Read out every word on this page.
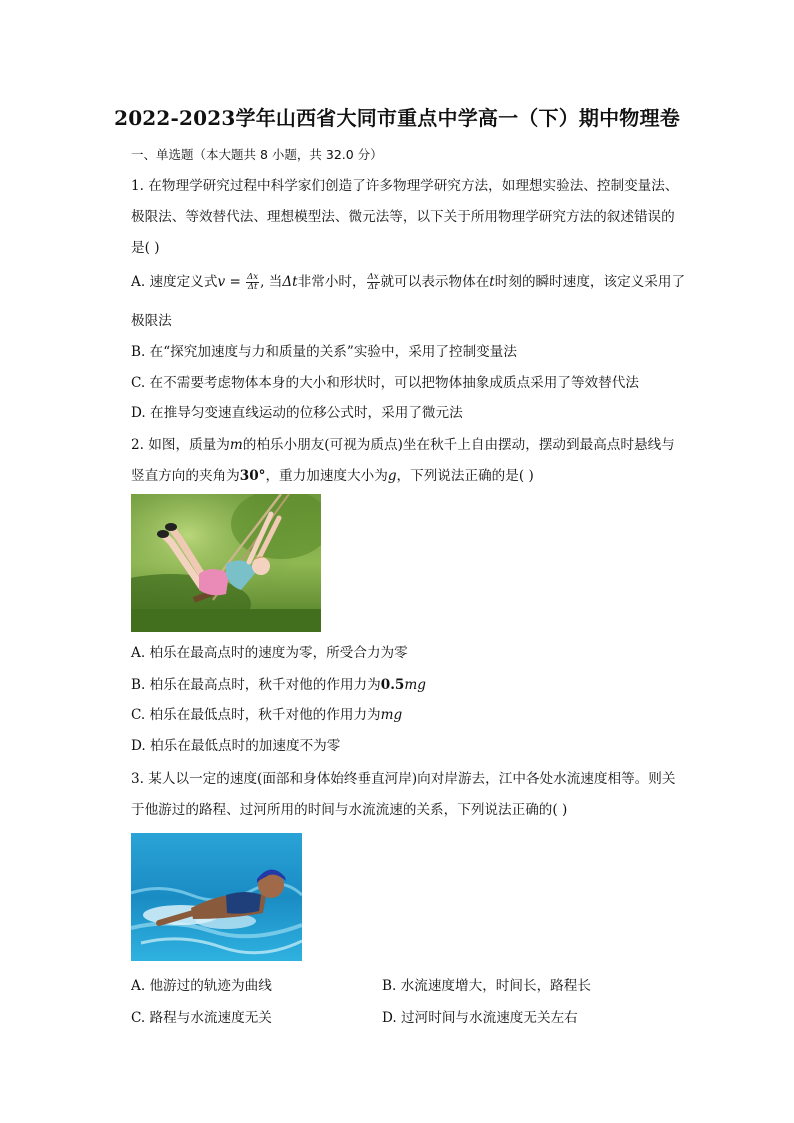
2022-2023学年山西省大同市重点中学高一（下）期中物理卷
一、单选题（本大题共 8 小题，共 32.0 分）
1. 在物理学研究过程中科学家们创造了许多物理学研究方法，如理想实验法、控制变量法、
极限法、等效替代法、理想模型法、微元法等，以下关于所用物理学研究方法的叙述错误的
是( )
A. 速度定义式$v = \frac{\Delta x}{\Delta t}$ , 当Δt非常小时， $\frac{\Delta x}{\Delta t}$ 就可以表示物体在t时刻的瞬时速度，该定义采用了
极限法
B. 在“探究加速度与力和质量的关系”实验中，采用了控制变量法
C. 在不需要考虑物体本身的大小和形状时，可以把物体抽象成质点采用了等效替代法
D. 在推导匀变速直线运动的位移公式时，采用了微元法
2. 如图，质量为m的柏乐小朋友(可视为质点)坐在秋千上自由摆动，摆动到最高点时悬线与
竖直方向的夹角为30°，重力加速度大小为g，下列说法正确的是( )
A. 柏乐在最高点时的速度为零，所受合力为零
B. 柏乐在最高点时，秋千对他的作用力为0.5mg
C. 柏乐在最低点时，秋千对他的作用力为mg
D. 柏乐在最低点时的加速度不为零
3. 某人以一定的速度(面部和身体始终垂直河岸)向对岸游去，江中各处水流速度相等。则关
于他游过的路程、过河所用的时间与水流流速的关系，下列说法正确的( )
A. 他游过的轨迹为曲线	B. 水流速度增大，时间长，路程长
C. 路程与水流速度无关	D. 过河时间与水流速度无关左右
